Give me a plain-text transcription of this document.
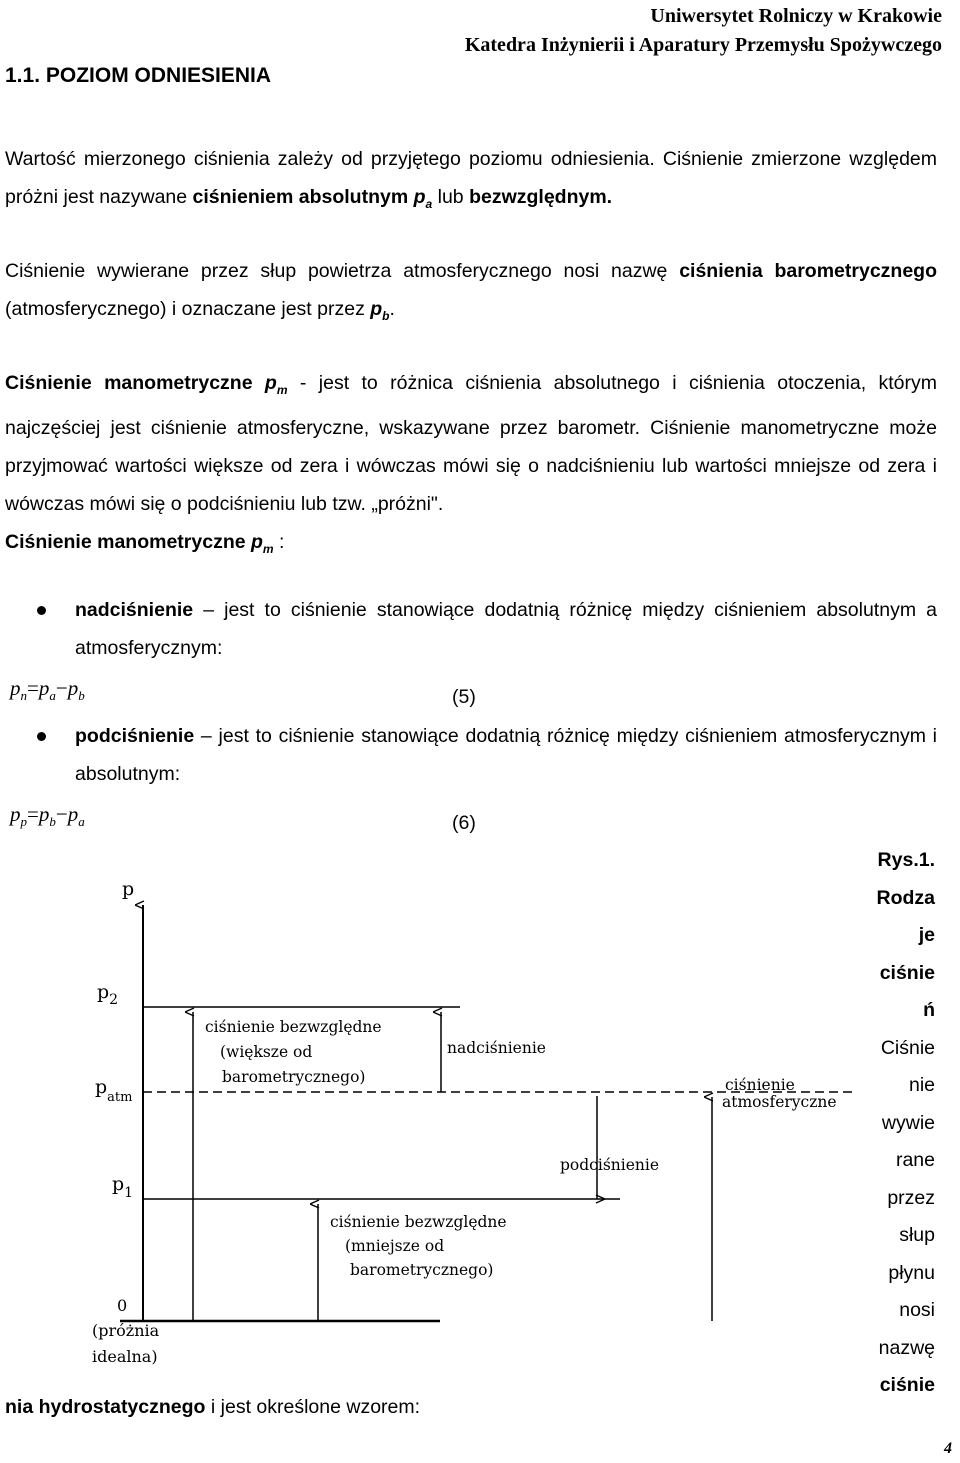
Uniwersytet Rolniczy w Krakowie
Katedra Inżynierii i Aparatury Przemysłu Spożywczego
1.1. POZIOM ODNIESIENIA
Wartość mierzonego ciśnienia zależy od przyjętego poziomu odniesienia. Ciśnienie zmierzone względem próżni jest nazywane ciśnieniem absolutnym $p_a$ lub bezwzględnym.
Ciśnienie wywierane przez słup powietrza atmosferycznego nosi nazwę ciśnienia barometrycznego (atmosferycznego) i oznaczane jest przez $p_b$.
Ciśnienie manometryczne $p_m$ - jest to różnica ciśnienia absolutnego i ciśnienia otoczenia, którym najczęściej jest ciśnienie atmosferyczne, wskazywane przez barometr. Ciśnienie manometryczne może przyjmować wartości większe od zera i wówczas mówi się o nadciśnieniu lub wartości mniejsze od zera i wówczas mówi się o podciśnieniu lub tzw. „próżni".
Ciśnienie manometryczne $p_m$ :
nadciśnienie – jest to ciśnienie stanowiące dodatnią różnicę między ciśnieniem absolutnym a atmosferycznym:
$p_n=p_a-p_b$	(5)
podciśnienie – jest to ciśnienie stanowiące dodatnią różnicę między ciśnieniem atmosferycznym i absolutnym:
$p_p=p_b-p_a$	(6)
Rys.1.
Rodza
je
ciśnie
ń
Ciśnie
nie
wywie
rane
przez
słup
płynu
nosi
nazwę
ciśnie
p
$p_2$
$p_{atm}$
$p_1$
0
(próżnia
idealna)
ciśnienie bezwzględne
(większe od
barometrycznego)
nadciśnienie
ciśnienie
atmosferyczne
podciśnienie
ciśnienie bezwzględne
(mniejsze od
barometrycznego)
nia hydrostatycznego i jest określone wzorem:
4
